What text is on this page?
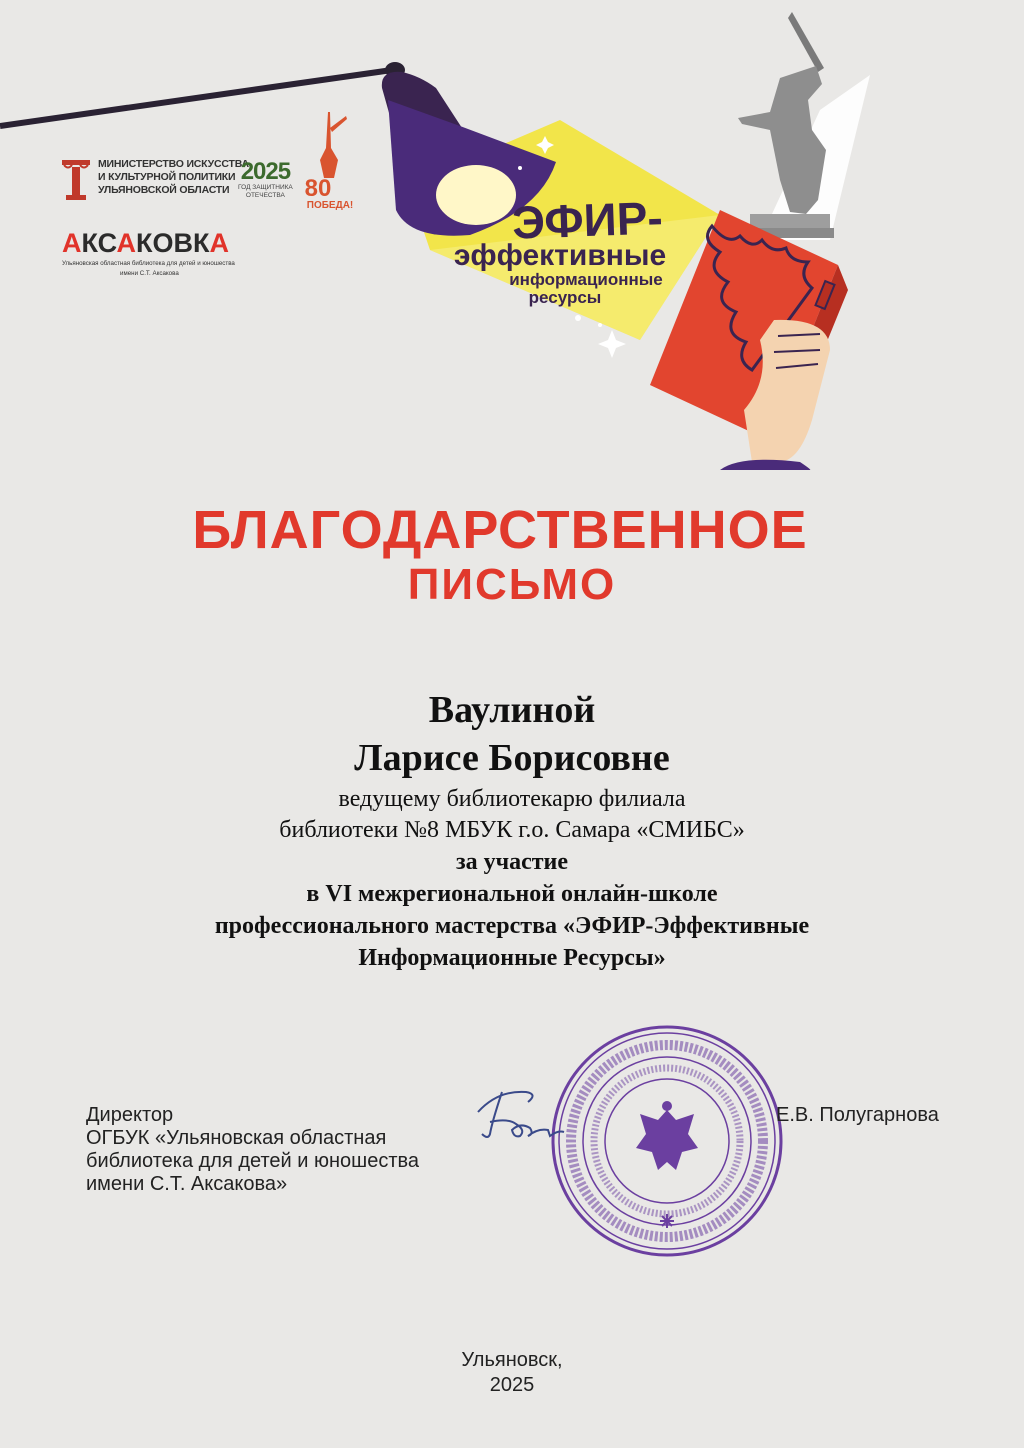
ЭФИР-
эффективные
информационные
ресурсы
МИНИСТЕРСТВО ИСКУССТВА
И КУЛЬТУРНОЙ ПОЛИТИКИ
УЛЬЯНОВСКОЙ ОБЛАСТИ
2025
ГОД ЗАЩИТНИКА
ОТЕЧЕСТВА 80
ПОБЕДА!
АКСАКОВКА
Ульяновская областная библиотека для детей и юношества
имени С.Т. Аксакова
БЛАГОДАРСТВЕННОЕ
ПИСЬМО
Ваулиной
Ларисе Борисовне
ведущему библиотекарю филиала
библиотеки №8 МБУК г.о. Самара «СМИБС»
за участие
в VI межрегиональной онлайн-школе
профессионального мастерства «ЭФИР-Эффективные
Информационные Ресурсы»
Директор
ОГБУК «Ульяновская областная
библиотека для детей и юношества
имени С.Т. Аксакова»
Е.В. Полугарнова
Ульяновск,
2025
